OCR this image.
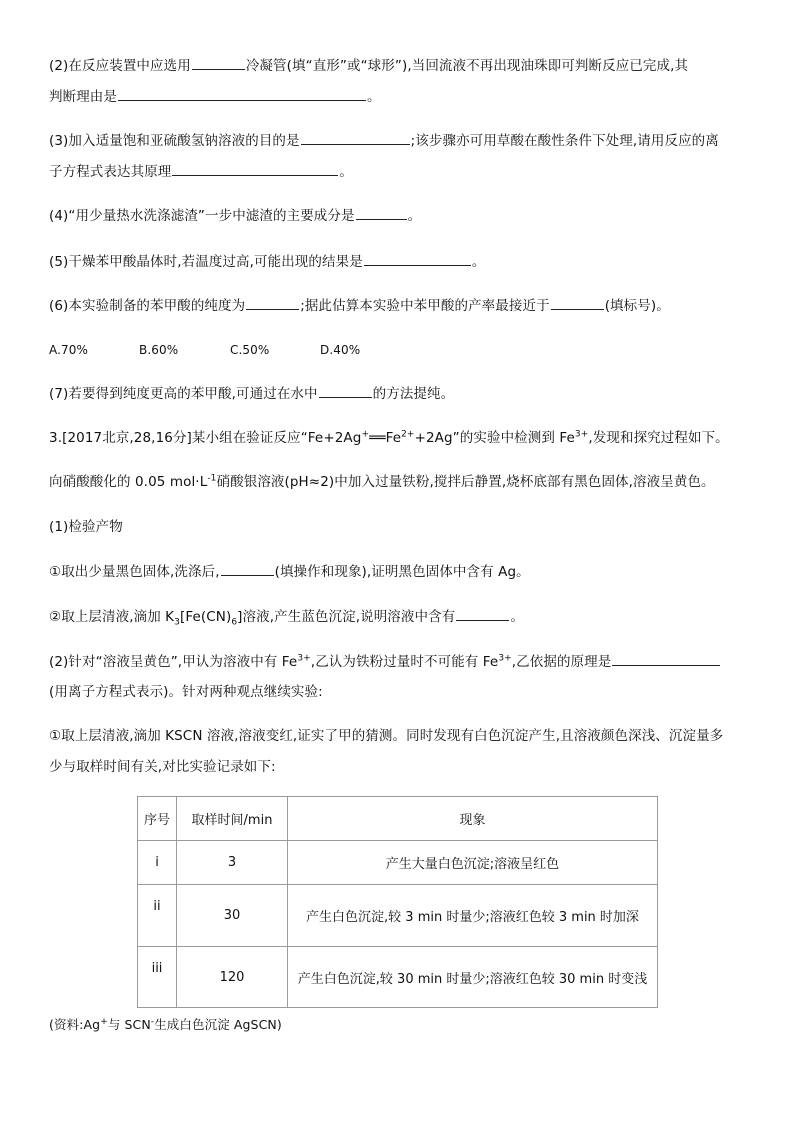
(2)在反应装置中应选用	冷凝管(填“直形”或“球形”),当回流液不再出现油珠即可判断反应已完成,其
判断理由是	。
(3)加入适量饱和亚硫酸氢钠溶液的目的是	;该步骤亦可用草酸在酸性条件下处理,请用反应的离
子方程式表达其原理	。
(4)“用少量热水洗涤滤渣”一步中滤渣的主要成分是	。
(5)干燥苯甲酸晶体时,若温度过高,可能出现的结果是	。
(6)本实验制备的苯甲酸的纯度为	;据此估算本实验中苯甲酸的产率最接近于	(填标号)。
A.70%	B.60%	C.50%	D.40%
(7)若要得到纯度更高的苯甲酸,可通过在水中	的方法提纯。
3.[2017北京,28,16分]某小组在验证反应“$Fe+2Ag^+══Fe^{2+}+2Ag$”的实验中检测到 $Fe^{3+}$,发现和探究过程如下。
向硝酸酸化的 0.05 $mol\cdot L^{-1}$硝酸银溶液(pH≈2)中加入过量铁粉,搅拌后静置,烧杯底部有黑色固体,溶液呈黄色。
(1)检验产物
①取出少量黑色固体,洗涤后,	(填操作和现象),证明黑色固体中含有 Ag。
②取上层清液,滴加 $K_3[Fe(CN)_6]$溶液,产生蓝色沉淀,说明溶液中含有	。
(2)针对“溶液呈黄色”,甲认为溶液中有 $Fe^{3+}$,乙认为铁粉过量时不可能有 $Fe^{3+}$,乙依据的原理是
(用离子方程式表示)。针对两种观点继续实验:
①取上层清液,滴加 KSCN 溶液,溶液变红,证实了甲的猜测。同时发现有白色沉淀产生,且溶液颜色深浅、沉淀量多
少与取样时间有关,对比实验记录如下:
序号	取样时间/min	现象
i	3	产生大量白色沉淀;溶液呈红色
ii	30	产生白色沉淀,较 3 min 时量少;溶液红色较 3 min 时加深
iii	120	产生白色沉淀,较 30 min 时量少;溶液红色较 30 min 时变浅
(资料:Ag+与 SCN-生成白色沉淀 AgSCN)
